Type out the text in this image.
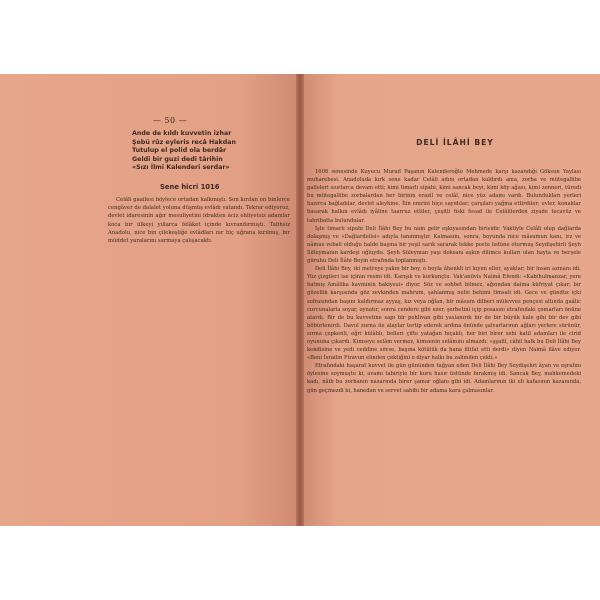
— 50 —
Ande de kıldı kuvvetin izhar
Şebü rûz eyleris recâ Hakdan
Tutulup el polid ola berdâr
Geldi bir guzi dedi târihin
«Sızı İlmi Kalenderi serdar»
Sene hicri 1016

Celâli gaailesi böylece ortadan kalkmıştı. Son kırılan on binlerce cengâver de dalalet yoluna düşmüş evlâdı vatandı. Tekrar ediyoruz, devlet idaresinin ağır mesuliyetini idrakten âciz ehliyetsiz adamlar koca bir ülkeyi yıllarca felâket içinde kıvrandırmıştı. Talihsiz Anadolu, nice bin çilekeşliğe evlâdları nır hiç uğrana kırılmış, bir müddet yaralarını sarmaya çalışacaktı.

DELİ İLÂHİ BEY

1608 senesinde Kuyucu Murad Paşanın Kalenderoğlu Mehmede karşı kazandığı Göksun Yaylası muharebesi. Anadoluda kırk sene kadar Celâli adını ortadan kaldırdı ama, zorba ve mütegallibe gaileleri sıurlarca devam etti; kimi timarlı sipahi, kimi sancak beyi, kimi köy ağası, kimi zenneri, türedi bu mütegallibe zorbalardan her birinin erazil ve celâl, nice yüz adamı vardı. Bulundukları yerleri hazırca bağladılar, devlet aleyhine. İlin emrini hiçe sayıdılar; çarşıları yağma ettirdiler; evler, konaklar basarak halkın evlâdı iyâline taarruz ettiler, çeşitli fiski fesad ile Celâlilerden ziyade tecavüz ve tahribatta bulundular.

İşte timarlı sipahi Deli İlâhi Bey bu nam gelir eşkıyasından birisidir. Vaktiyle Celâli olup dağlarda dolaşmış ve «Dağlardelisi» adıyla tanınmıştır. Kalmasını, sonra, boyunda nice mâsumun kanı, irz ve nâmus vebali olduğu halde başına bir yeşil sarık sararak tekke postu üstüne oturmuş Seydişehirli Şeyh Süleymanın kardeşi oğluydu. Şeyh Süleyman yaşı doksanı aşkın dilimce kulları olan hayta ve berşele güruhu Deli İlâhi Beyin etrafında toplanmıştı.

Deli İlâhi Bey, iki metreye yakın bir boy, o boyla âhenkli iri kıyım eller, ayaklar; bir insan azmanı idi. Yüz çizgileri ise içinin resmi idi. Karışık ve korkunçtu. Vak'anüvis Naimâ Efendi: «Kabihulmanzar, yere batmış Amâlika kavminin bakiyesi» diyor. Söz ve sohbet bilmez, ağzından daima küfriyat çıkar; bir güzellik karşısında göz zevkinden mahrum, şahlanmış nefsi behimi timsali idi. Gece ve gündüz içki sofrasından başını kaldırmaz ayyaş, kız veya oğlan, bir mâsum dilberi mülevves pençesi altında gaâlic curcunalarla soyar, oynatır, sonra cendere gibi ezer, şerbetini içip posasını etrafındaki çomarları önüne atardı. Bir de bu kuvvetine sapı bir pehlivan gibi yaslanırdı bir de bir büyük kale gibi bir dev gibi böbürlenirdi. Davul zurna ile alaylar tertip ederek ardına önünde şalvarlarının ağları yerlere sürünür, sırma çepkenli, eğri külâhlı, belleri çifte yatağan bıçaklı, her biri birer sehi katil adamları ile cirid oyununa çıkardı. Kimseye selâm vermez, kimsenin selâmını almazdı: «şşafil, câhil halk bu Deli İlâhi Bey kendisine ve yedi ceddine sövse, başına kötülük da hana iltifat etti derdi» diyen Naimâ ilâve ediyor. «Beni İsrailin Firavun elinden çektiğini o diyar halkı bu zalimden çekti.»

Etrafındaki haşarat kuvvet ile gün gününden tuğyan eden Deli İlâhi Bey Seydişehri âyan ve eşrafını öylesine soymuştu ki, avamı tabiriyle bir kuru hasır üstünde bırakmış idi. Sancak Bey, mahkemedeki kadı, nâib bu zorbanın nazarında birer şamar oğlanı gibi idi. Adamlarının iki eli kafasının kazanında, gün geçmezdi ki, hanedan ve servet sahibi bir adama kara çalmasınlar.
